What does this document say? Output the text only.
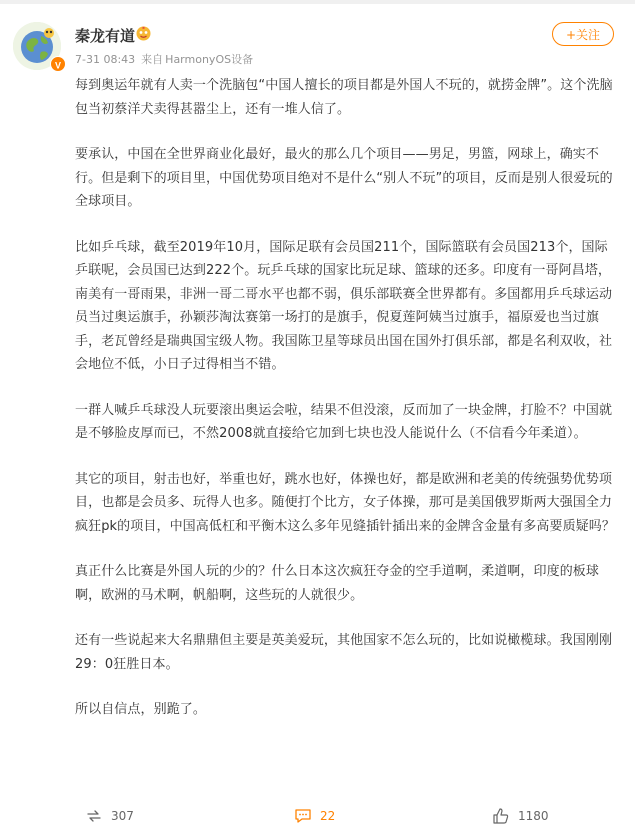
V
秦龙有道
7-31 08:43 来自 HarmonyOS设备
+关注

每到奥运年就有人卖一个洗脑包“中国人擅长的项目都是外国人不玩的，就捞金牌”。这个洗脑包当初蔡洋犬卖得甚嚣尘上，还有一堆人信了。

要承认，中国在全世界商业化最好，最火的那么几个项目——男足，男篮，网球上，确实不行。但是剩下的项目里，中国优势项目绝对不是什么“别人不玩”的项目，反而是别人很爱玩的全球项目。

比如乒乓球，截至2019年10月，国际足联有会员国211个，国际篮联有会员国213个，国际乒联呢，会员国已达到222个。玩乒乓球的国家比玩足球、篮球的还多。印度有一哥阿昌塔，南美有一哥雨果，非洲一哥二哥水平也都不弱，俱乐部联赛全世界都有。多国都用乒乓球运动员当过奥运旗手，孙颖莎淘汰赛第一场打的是旗手，倪夏莲阿姨当过旗手，福原爱也当过旗手，老瓦曾经是瑞典国宝级人物。我国陈卫星等球员出国在国外打俱乐部，都是名利双收，社会地位不低，小日子过得相当不错。

一群人喊乒乓球没人玩要滚出奥运会啦，结果不但没滚，反而加了一块金牌，打脸不？中国就是不够脸皮厚而已，不然2008就直接给它加到七块也没人能说什么（不信看今年柔道）。

其它的项目，射击也好，举重也好，跳水也好，体操也好，都是欧洲和老美的传统强势优势项目，也都是会员多、玩得人也多。随便打个比方，女子体操，那可是美国俄罗斯两大强国全力疯狂pk的项目，中国高低杠和平衡木这么多年见缝插针插出来的金牌含金量有多高要质疑吗？

真正什么比赛是外国人玩的少的？什么日本这次疯狂夺金的空手道啊，柔道啊，印度的板球啊，欧洲的马术啊，帆船啊，这些玩的人就很少。

还有一些说起来大名鼎鼎但主要是英美爱玩，其他国家不怎么玩的，比如说橄榄球。我国刚刚29：0狂胜日本。

所以自信点，别跪了。

307	22	1180
